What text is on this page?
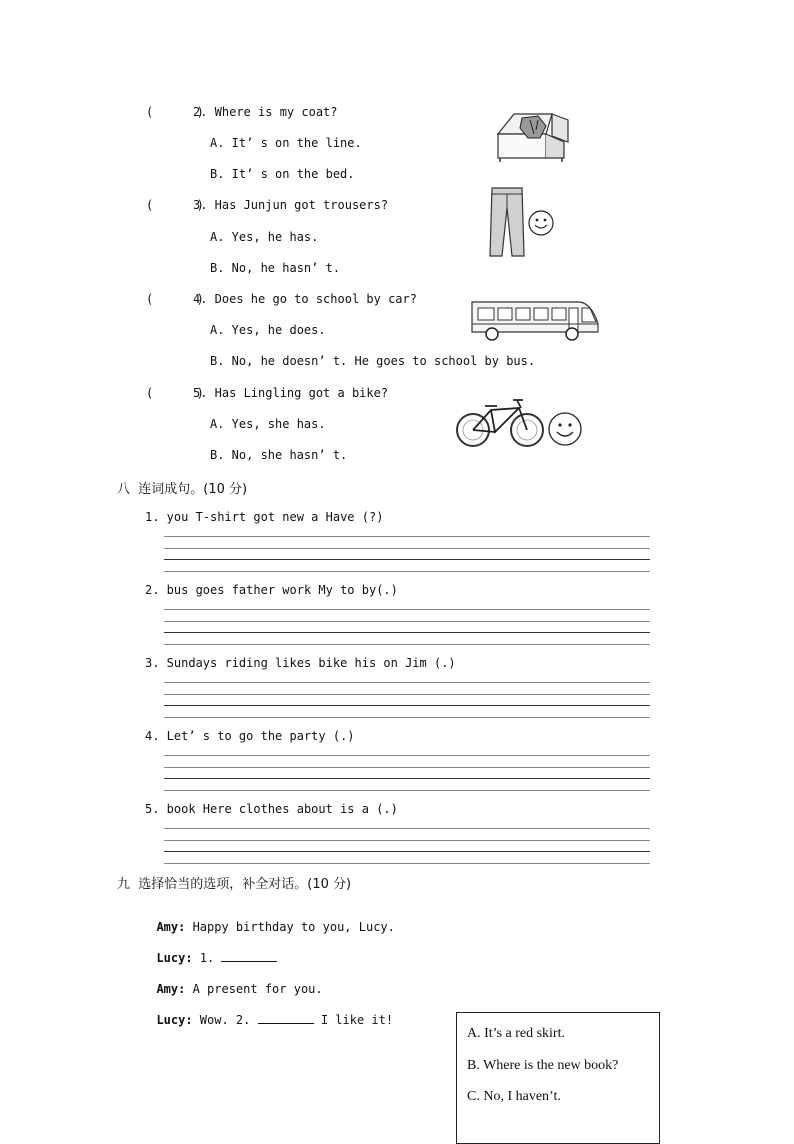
(      )
2. Where is my coat?
A. It’ s on the line.
B. It’ s on the bed.
(      )
3. Has Junjun got trousers?
A. Yes, he has.
B. No, he hasn’ t.
(      )
4. Does he go to school by car?
A. Yes, he does.
B. No, he doesn’ t. He goes to school by bus.
(      )
5. Has Lingling got a bike?
A. Yes, she has.
B. No, she hasn’ t.
八  连词成句。(10 分)
1. you T-shirt got new a Have (?)
2. bus goes father work My to by(.)
3. Sundays riding likes bike his on Jim (.)
4. Let’ s to go the party (.)
5. book Here clothes about is a (.)
九  选择恰当的选项，补全对话。(10 分)

Amy: Happy birthday to you, Lucy.

Lucy: 1.

Amy: A present for you.

Lucy: Wow. 2.	I like it!

A. It’s a red skirt.
B. Where is the new book?
C. No, I haven’t.
